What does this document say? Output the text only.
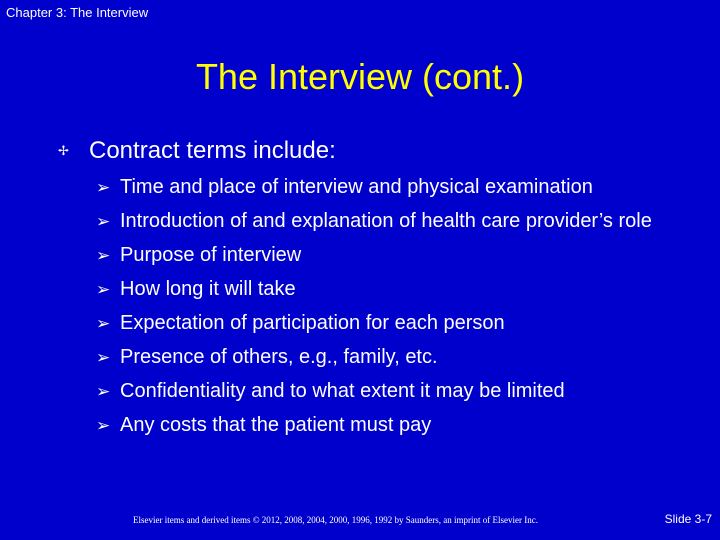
Chapter 3: The Interview
The Interview (cont.)
✢ Contract terms include:
➢ Time and place of interview and physical examination
➢ Introduction of and explanation of health care provider’s role
➢ Purpose of interview
➢ How long it will take
➢ Expectation of participation for each person
➢ Presence of others, e.g., family, etc.
➢ Confidentiality and to what extent it may be limited
➢ Any costs that the patient must pay
Elsevier items and derived items © 2012, 2008, 2004, 2000, 1996, 1992 by Saunders, an imprint of Elsevier Inc.	Slide 3-7
